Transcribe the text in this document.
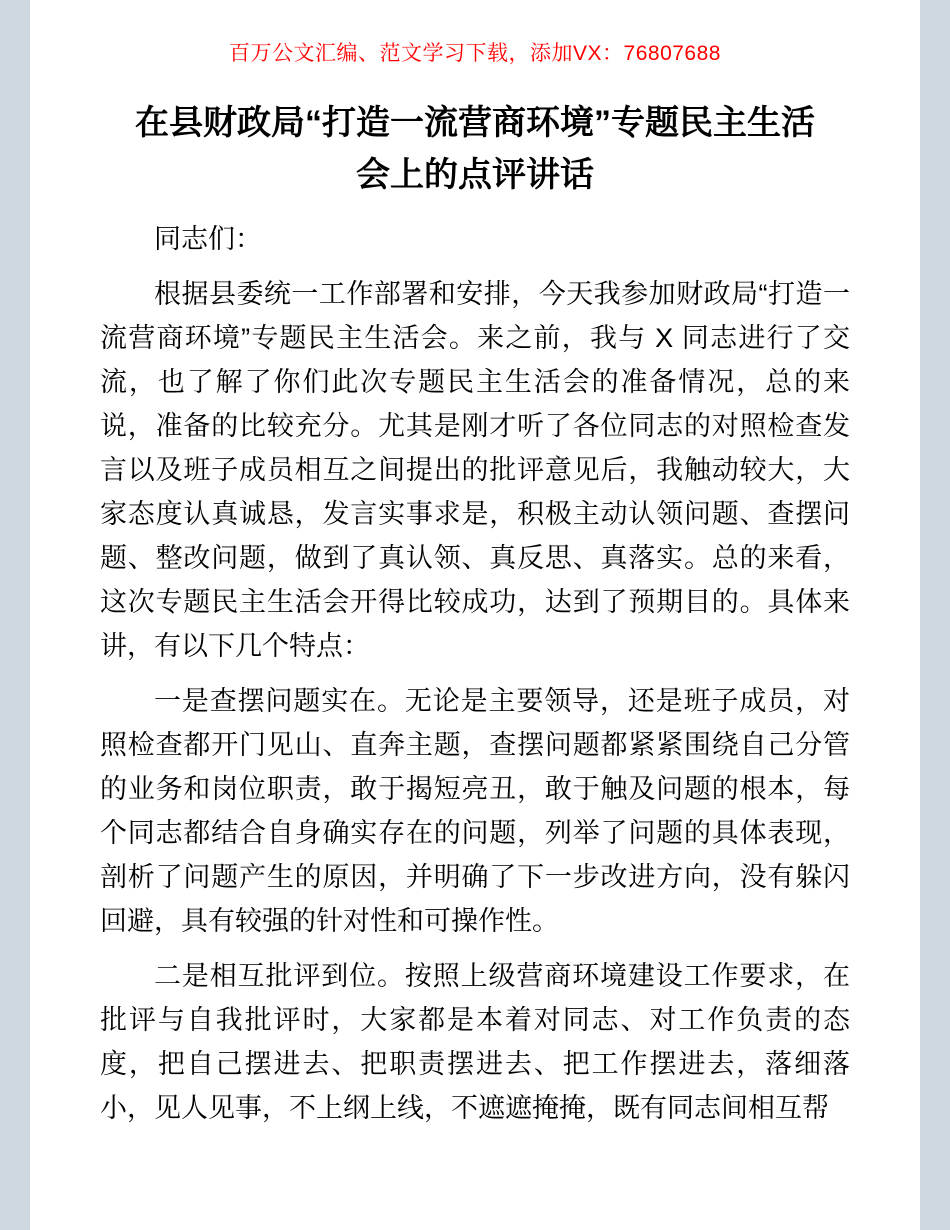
百万公文汇编、范文学习下载，添加VX：76807688
在县财政局“打造一流营商环境”专题民主生活会上的点评讲话

同志们：

根据县委统一工作部署和安排，今天我参加财政局“打造一流营商环境”专题民主生活会。来之前，我与 X 同志进行了交流，也了解了你们此次专题民主生活会的准备情况，总的来说，准备的比较充分。尤其是刚才听了各位同志的对照检查发言以及班子成员相互之间提出的批评意见后，我触动较大，大家态度认真诚恳，发言实事求是，积极主动认领问题、查摆问题、整改问题，做到了真认领、真反思、真落实。总的来看，这次专题民主生活会开得比较成功，达到了预期目的。具体来讲，有以下几个特点：

一是查摆问题实在。无论是主要领导，还是班子成员，对照检查都开门见山、直奔主题，查摆问题都紧紧围绕自己分管的业务和岗位职责，敢于揭短亮丑，敢于触及问题的根本，每个同志都结合自身确实存在的问题，列举了问题的具体表现，剖析了问题产生的原因，并明确了下一步改进方向，没有躲闪回避，具有较强的针对性和可操作性。

二是相互批评到位。按照上级营商环境建设工作要求，在批评与自我批评时，大家都是本着对同志、对工作负责的态度，把自己摆进去、把职责摆进去、把工作摆进去，落细落小，见人见事，不上纲上线，不遮遮掩掩，既有同志间相互帮
